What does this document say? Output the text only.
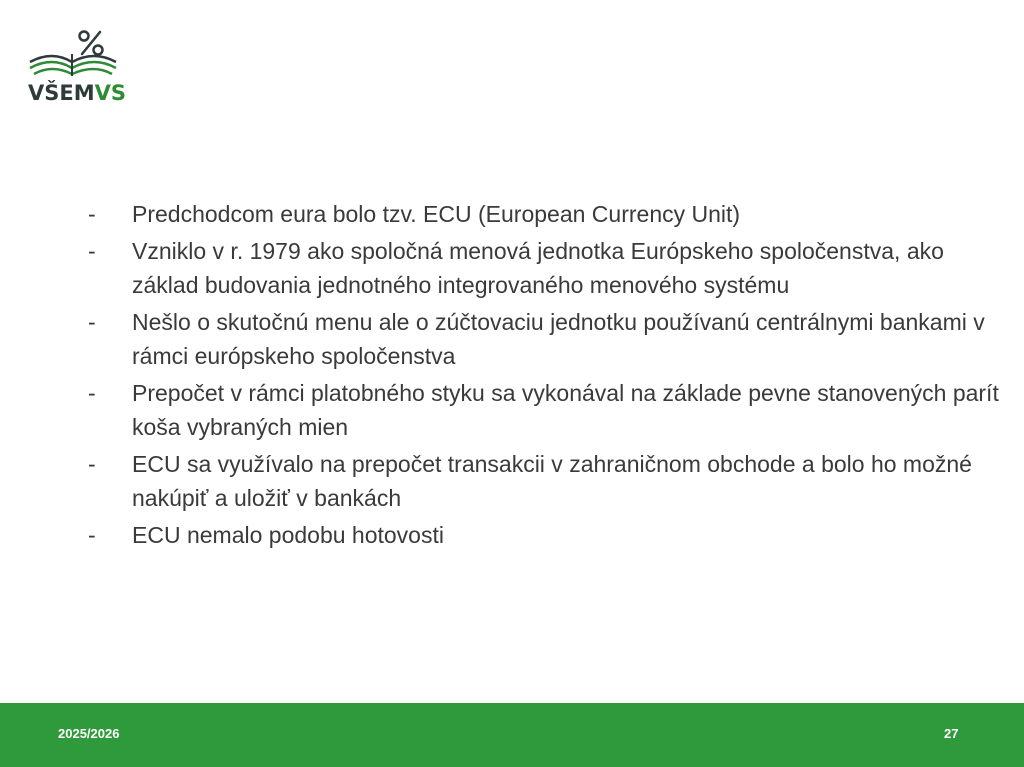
VŠEMVS
- Predchodcom eura bolo tzv. ECU (European Currency Unit)
- Vzniklo v r. 1979 ako spoločná menová jednotka Európskeho spoločenstva, ako základ budovania jednotného integrovaného menového systému
- Nešlo o skutočnú menu ale o zúčtovaciu jednotku používanú centrálnymi bankami v rámci európskeho spoločenstva
- Prepočet v rámci platobného styku sa vykonával na základe pevne stanovených parít koša vybraných mien
- ECU sa využívalo na prepočet transakcii v zahraničnom obchode a bolo ho možné nakúpiť a uložiť v bankách
- ECU nemalo podobu hotovosti
2025/2026	27
